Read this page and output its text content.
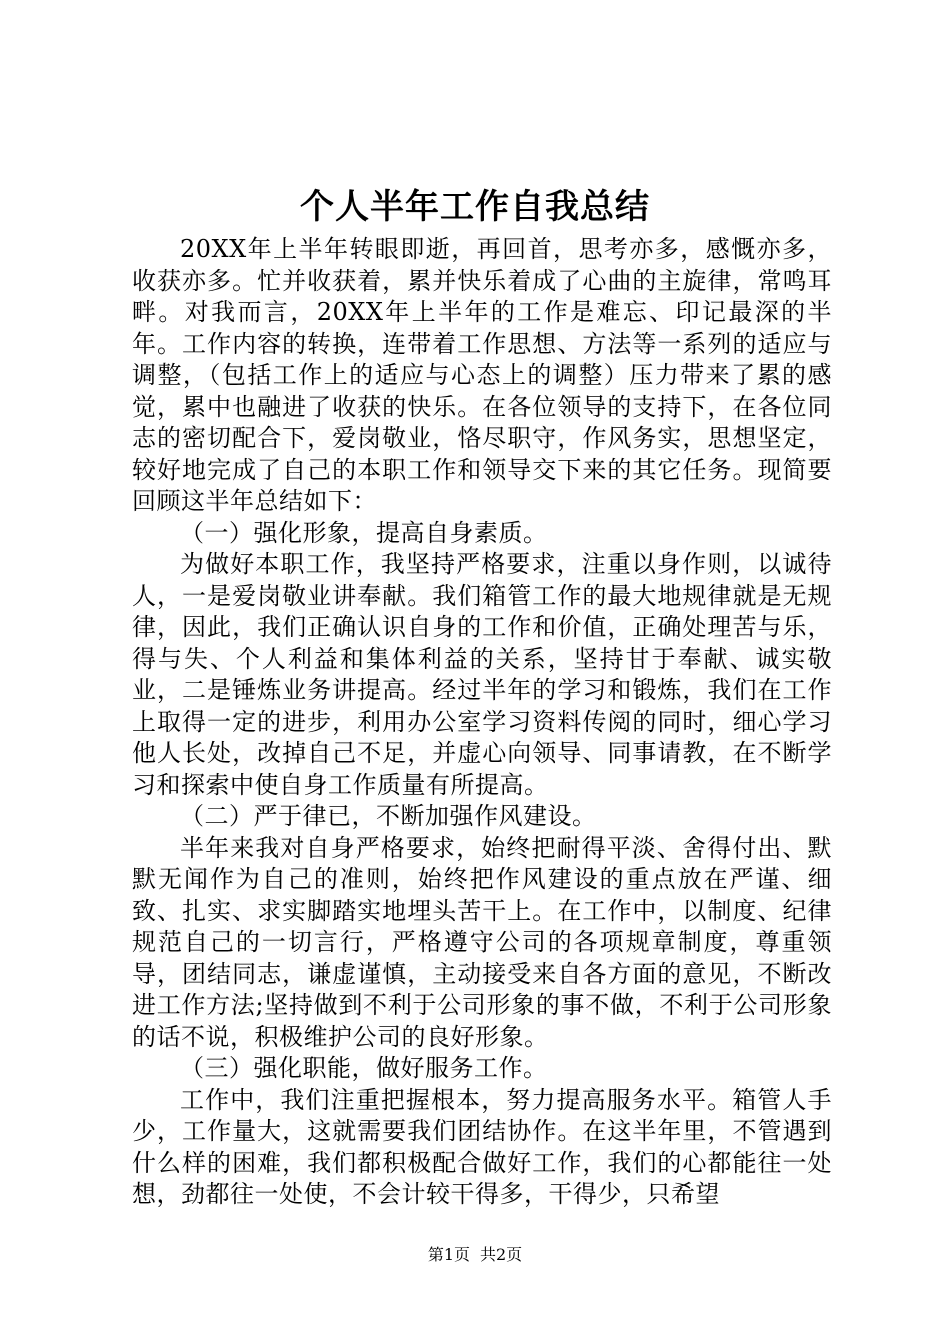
个人半年工作自我总结

20XX年上半年转眼即逝，再回首，思考亦多，感慨亦多，收获亦多。忙并收获着，累并快乐着成了心曲的主旋律，常鸣耳畔。对我而言，20XX年上半年的工作是难忘、印记最深的半年。工作内容的转换，连带着工作思想、方法等一系列的适应与调整，（包括工作上的适应与心态上的调整）压力带来了累的感觉，累中也融进了收获的快乐。在各位领导的支持下，在各位同志的密切配合下，爱岗敬业，恪尽职守，作风务实，思想坚定，较好地完成了自己的本职工作和领导交下来的其它任务。现简要回顾这半年总结如下：

（一）强化形象，提高自身素质。

为做好本职工作，我坚持严格要求，注重以身作则，以诚待人，一是爱岗敬业讲奉献。我们箱管工作的最大地规律就是无规律，因此，我们正确认识自身的工作和价值，正确处理苦与乐，得与失、个人利益和集体利益的关系，坚持甘于奉献、诚实敬业，二是锤炼业务讲提高。经过半年的学习和锻炼，我们在工作上取得一定的进步，利用办公室学习资料传阅的同时，细心学习他人长处，改掉自己不足，并虚心向领导、同事请教，在不断学习和探索中使自身工作质量有所提高。

（二）严于律已，不断加强作风建设。

半年来我对自身严格要求，始终把耐得平淡、舍得付出、默默无闻作为自己的准则，始终把作风建设的重点放在严谨、细致、扎实、求实脚踏实地埋头苦干上。在工作中，以制度、纪律规范自己的一切言行，严格遵守公司的各项规章制度，尊重领导，团结同志，谦虚谨慎，主动接受来自各方面的意见，不断改进工作方法;坚持做到不利于公司形象的事不做，不利于公司形象的话不说，积极维护公司的良好形象。

（三）强化职能，做好服务工作。

工作中，我们注重把握根本，努力提高服务水平。箱管人手少，工作量大，这就需要我们团结协作。在这半年里，不管遇到什么样的困难，我们都积极配合做好工作，我们的心都能往一处想，劲都往一处使，不会计较干得多，干得少，只希望

第1页 共2页
